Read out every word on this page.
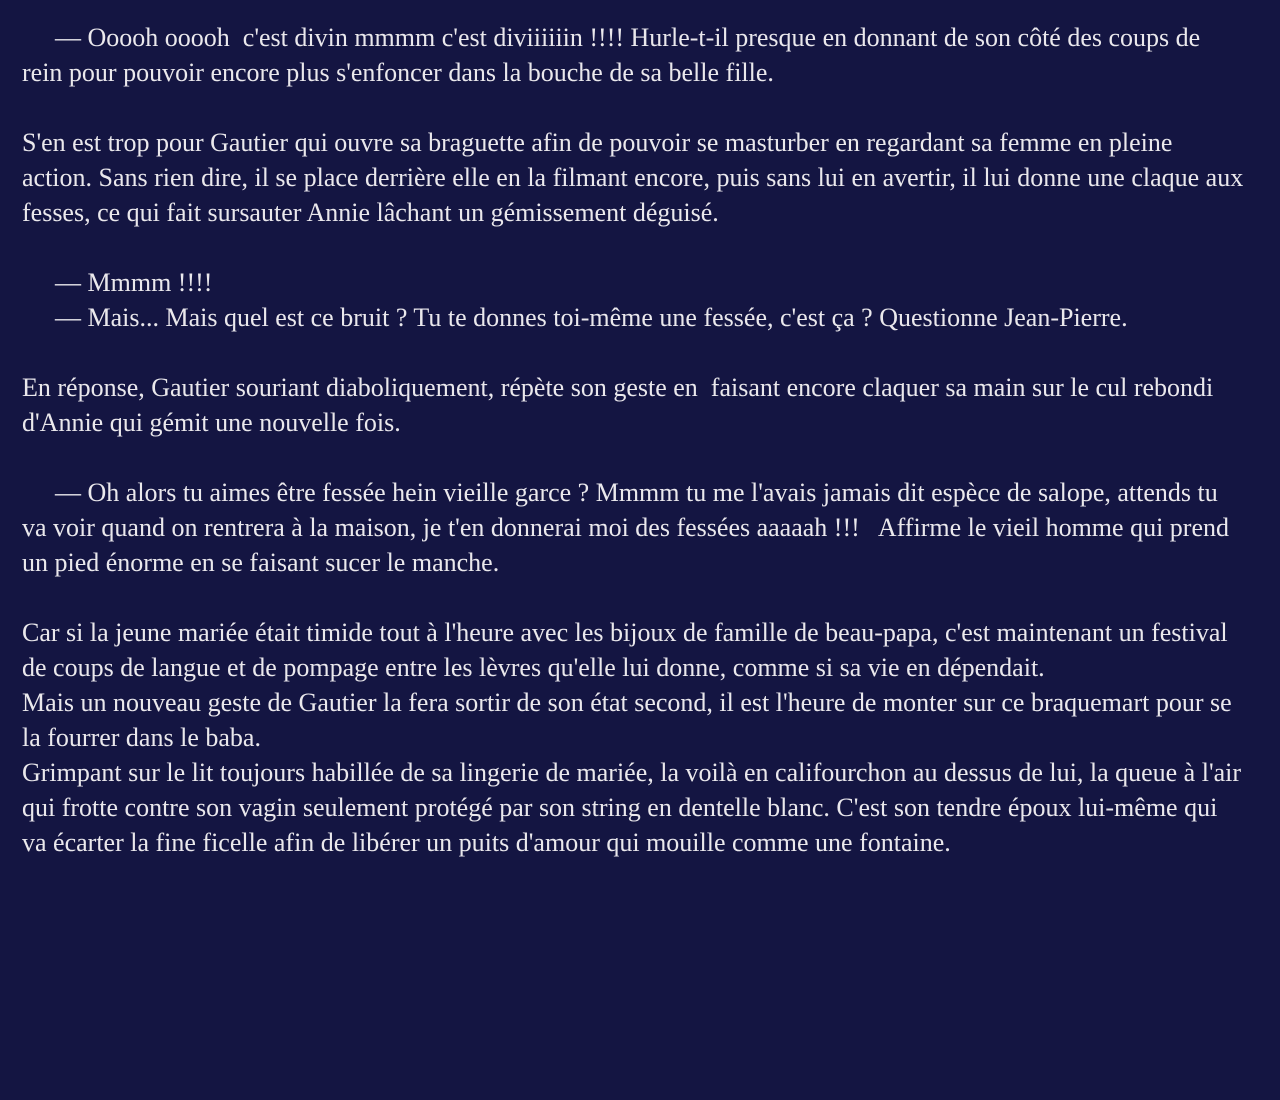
— Ooooh ooooh  c'est divin mmmm c'est diviiiiiin !!!! Hurle-t-il presque en donnant de son côté des coups de rein pour pouvoir encore plus s'enfoncer dans la bouche de sa belle fille.

S'en est trop pour Gautier qui ouvre sa braguette afin de pouvoir se masturber en regardant sa femme en pleine action. Sans rien dire, il se place derrière elle en la filmant encore, puis sans lui en avertir, il lui donne une claque aux fesses, ce qui fait sursauter Annie lâchant un gémissement déguisé.

— Mmmm !!!!

— Mais... Mais quel est ce bruit ? Tu te donnes toi-même une fessée, c'est ça ? Questionne Jean-Pierre.

En réponse, Gautier souriant diaboliquement, répète son geste en  faisant encore claquer sa main sur le cul rebondi d'Annie qui gémit une nouvelle fois.

— Oh alors tu aimes être fessée hein vieille garce ? Mmmm tu me l'avais jamais dit espèce de salope, attends tu va voir quand on rentrera à la maison, je t'en donnerai moi des fessées aaaaah !!!   Affirme le vieil homme qui prend un pied énorme en se faisant sucer le manche.

Car si la jeune mariée était timide tout à l'heure avec les bijoux de famille de beau-papa, c'est maintenant un festival de coups de langue et de pompage entre les lèvres qu'elle lui donne, comme si sa vie en dépendait.

Mais un nouveau geste de Gautier la fera sortir de son état second, il est l'heure de monter sur ce braquemart pour se la fourrer dans le baba.

Grimpant sur le lit toujours habillée de sa lingerie de mariée, la voilà en califourchon au dessus de lui, la queue à l'air qui frotte contre son vagin seulement protégé par son string en dentelle blanc. C'est son tendre époux lui-même qui va écarter la fine ficelle afin de libérer un puits d'amour qui mouille comme une fontaine.
